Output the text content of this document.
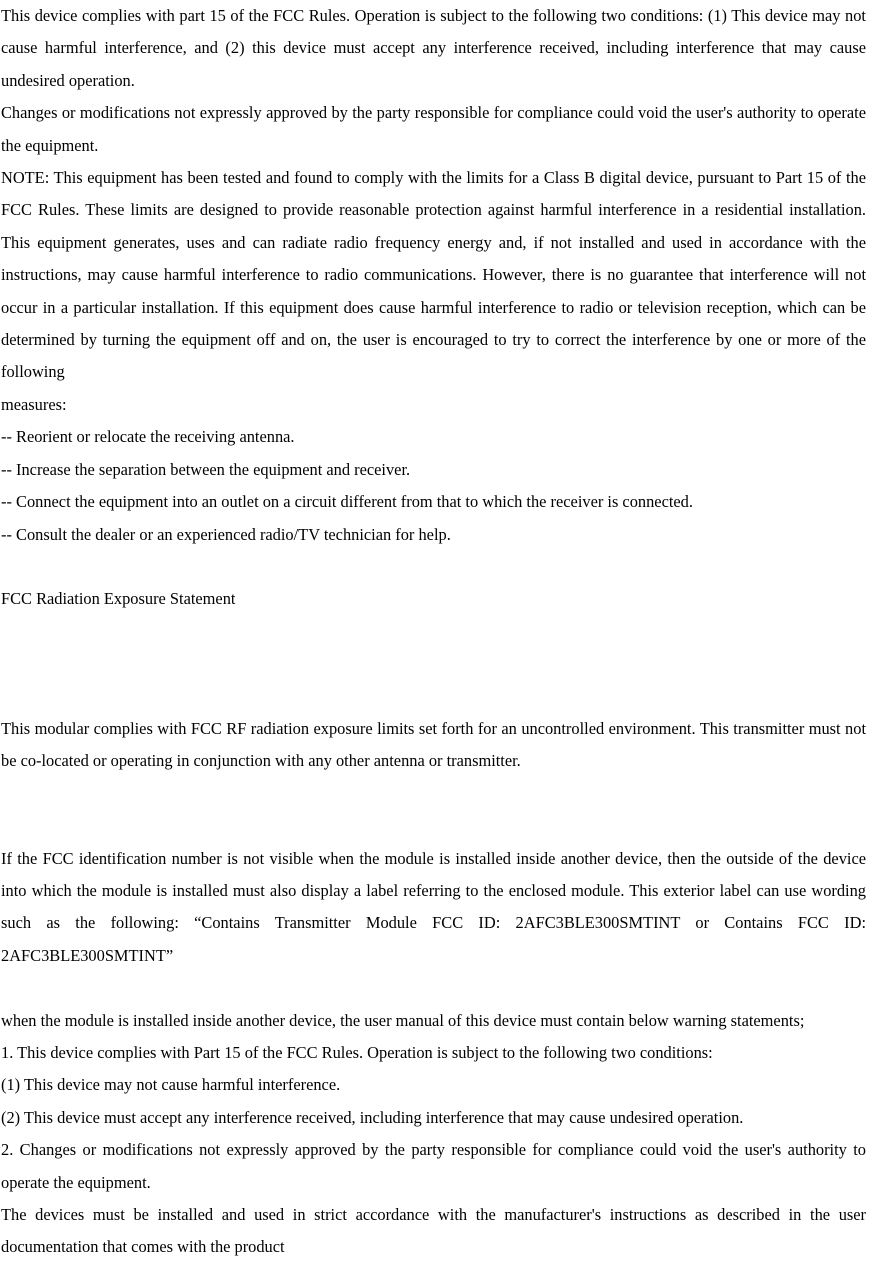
This device complies with part 15 of the FCC Rules. Operation is subject to the following two conditions: (1) This device may not cause harmful interference, and (2) this device must accept any interference received, including interference that may cause undesired operation.

Changes or modifications not expressly approved by the party responsible for compliance could void the user's authority to operate the equipment.

NOTE: This equipment has been tested and found to comply with the limits for a Class B digital device, pursuant to Part 15 of the FCC Rules. These limits are designed to provide reasonable protection against harmful interference in a residential installation. This equipment generates, uses and can radiate radio frequency energy and, if not installed and used in accordance with the instructions, may cause harmful interference to radio communications. However, there is no guarantee that interference will not occur in a particular installation. If this equipment does cause harmful interference to radio or television reception, which can be determined by turning the equipment off and on, the user is encouraged to try to correct the interference by one or more of the following

measures:

-- Reorient or relocate the receiving antenna.

-- Increase the separation between the equipment and receiver.

-- Connect the equipment into an outlet on a circuit different from that to which the receiver is connected.

-- Consult the dealer or an experienced radio/TV technician for help.

FCC Radiation Exposure Statement

This modular complies with FCC RF radiation exposure limits set forth for an uncontrolled environment. This transmitter must not be co-located or operating in conjunction with any other antenna or transmitter.

If the FCC identification number is not visible when the module is installed inside another device, then the outside of the device into which the module is installed must also display a label referring to the enclosed module. This exterior label can use wording such as the following: “Contains Transmitter Module FCC ID: 2AFC3BLE300SMTINT or Contains FCC ID: 2AFC3BLE300SMTINT”

when the module is installed inside another device, the user manual of this device must contain below warning statements;

1. This device complies with Part 15 of the FCC Rules. Operation is subject to the following two conditions:

(1) This device may not cause harmful interference.

(2) This device must accept any interference received, including interference that may cause undesired operation.

2. Changes or modifications not expressly approved by the party responsible for compliance could void the user's authority to operate the equipment.

The devices must be installed and used in strict accordance with the manufacturer's instructions as described in the user documentation that comes with the product
